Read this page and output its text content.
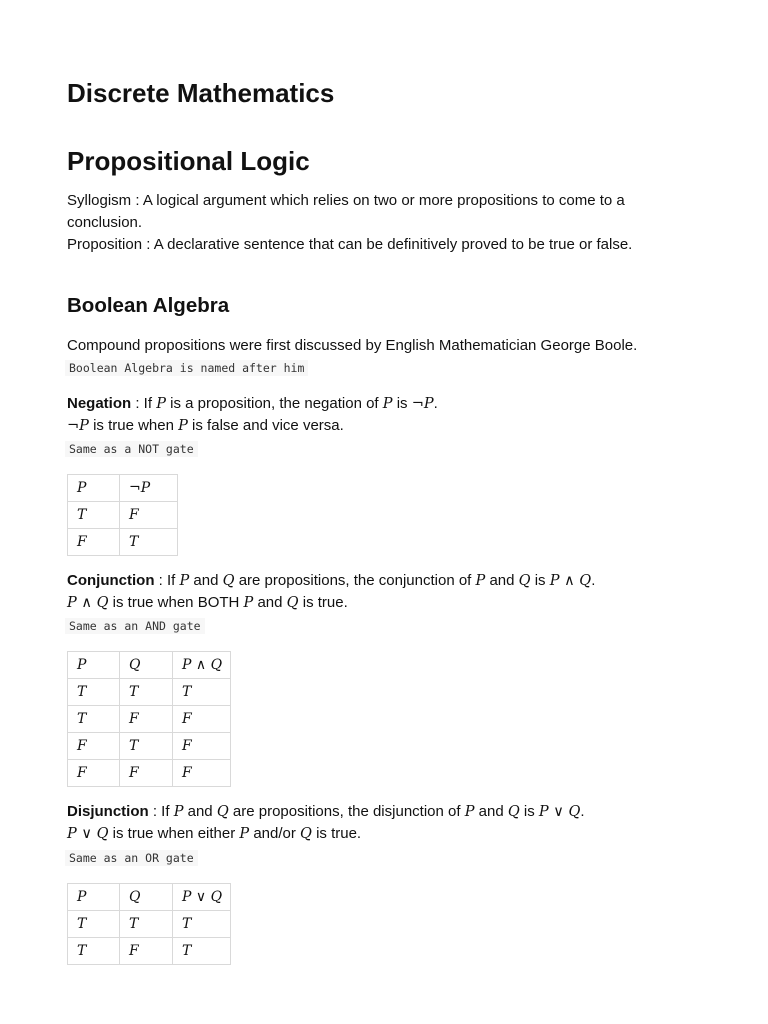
Discrete Mathematics
Propositional Logic

Syllogism : A logical argument which relies on two or more propositions to come to a conclusion.

Proposition : A declarative sentence that can be definitively proved to be true or false.

Boolean Algebra

Compound propositions were first discussed by English Mathematician George Boole.

Boolean Algebra is named after him

Negation : If P is a proposition, the negation of P is ¬P.

¬P is true when P is false and vice versa.

Same as a NOT gate
P	¬P
T	F
F	T

Conjunction : If P and Q are propositions, the conjunction of P and Q is P ∧ Q.

P ∧ Q is true when BOTH P and Q is true.

Same as an AND gate
P	Q	P ∧ Q
T	T	T
T	F	F
F	T	F
F	F	F

Disjunction : If P and Q are propositions, the disjunction of P and Q is P ∨ Q.

P ∨ Q is true when either P and/or Q is true.

Same as an OR gate
P	Q	P ∨ Q
T	T	T
T	F	T
